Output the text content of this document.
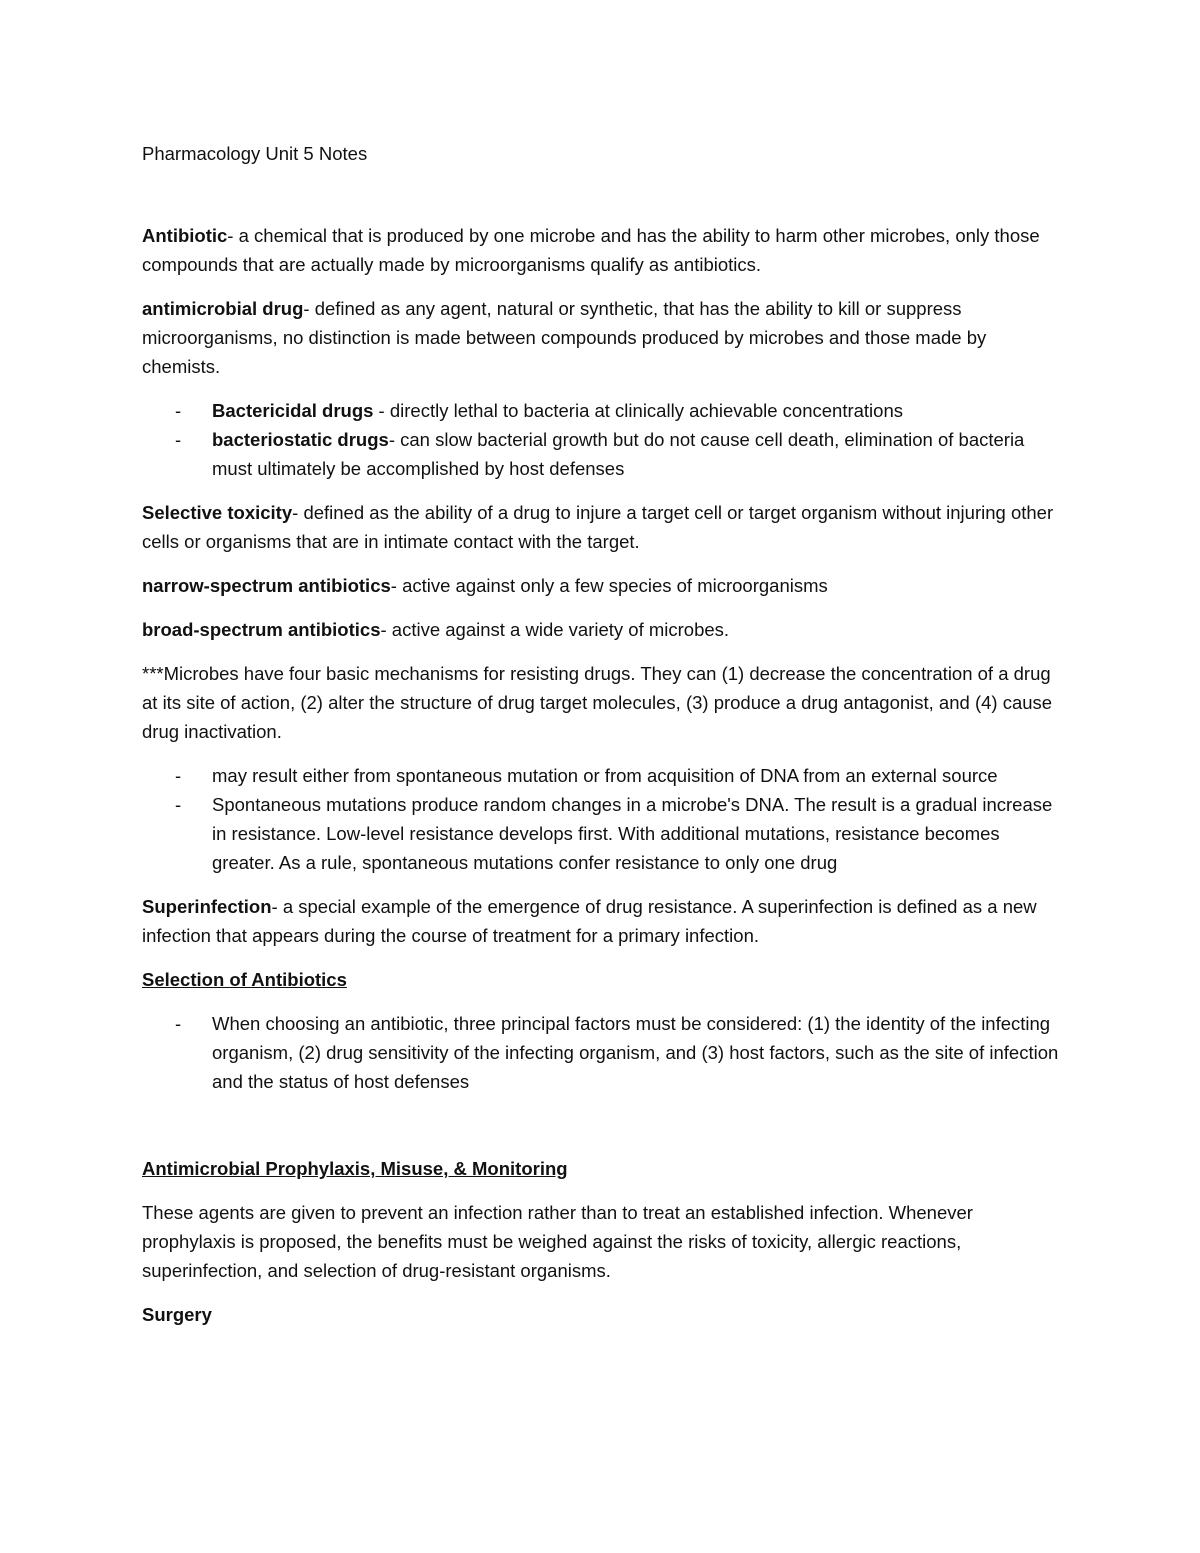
Pharmacology Unit 5 Notes

Antibiotic- a chemical that is produced by one microbe and has the ability to harm other microbes, only those compounds that are actually made by microorganisms qualify as antibiotics.

antimicrobial drug- defined as any agent, natural or synthetic, that has the ability to kill or suppress microorganisms, no distinction is made between compounds produced by microbes and those made by chemists.

- Bactericidal drugs - directly lethal to bacteria at clinically achievable concentrations
- bacteriostatic drugs- can slow bacterial growth but do not cause cell death, elimination of bacteria must ultimately be accomplished by host defenses

Selective toxicity- defined as the ability of a drug to injure a target cell or target organism without injuring other cells or organisms that are in intimate contact with the target.

narrow-spectrum antibiotics- active against only a few species of microorganisms

broad-spectrum antibiotics- active against a wide variety of microbes.

***Microbes have four basic mechanisms for resisting drugs. They can (1) decrease the concentration of a drug at its site of action, (2) alter the structure of drug target molecules, (3) produce a drug antagonist, and (4) cause drug inactivation.

- may result either from spontaneous mutation or from acquisition of DNA from an external source
- Spontaneous mutations produce random changes in a microbe's DNA. The result is a gradual increase in resistance. Low-level resistance develops first. With additional mutations, resistance becomes greater. As a rule, spontaneous mutations confer resistance to only one drug

Superinfection- a special example of the emergence of drug resistance. A superinfection is defined as a new infection that appears during the course of treatment for a primary infection.

Selection of Antibiotics

- When choosing an antibiotic, three principal factors must be considered: (1) the identity of the infecting organism, (2) drug sensitivity of the infecting organism, and (3) host factors, such as the site of infection and the status of host defenses

Antimicrobial Prophylaxis, Misuse, & Monitoring

These agents are given to prevent an infection rather than to treat an established infection. Whenever prophylaxis is proposed, the benefits must be weighed against the risks of toxicity, allergic reactions, superinfection, and selection of drug-resistant organisms.

Surgery
